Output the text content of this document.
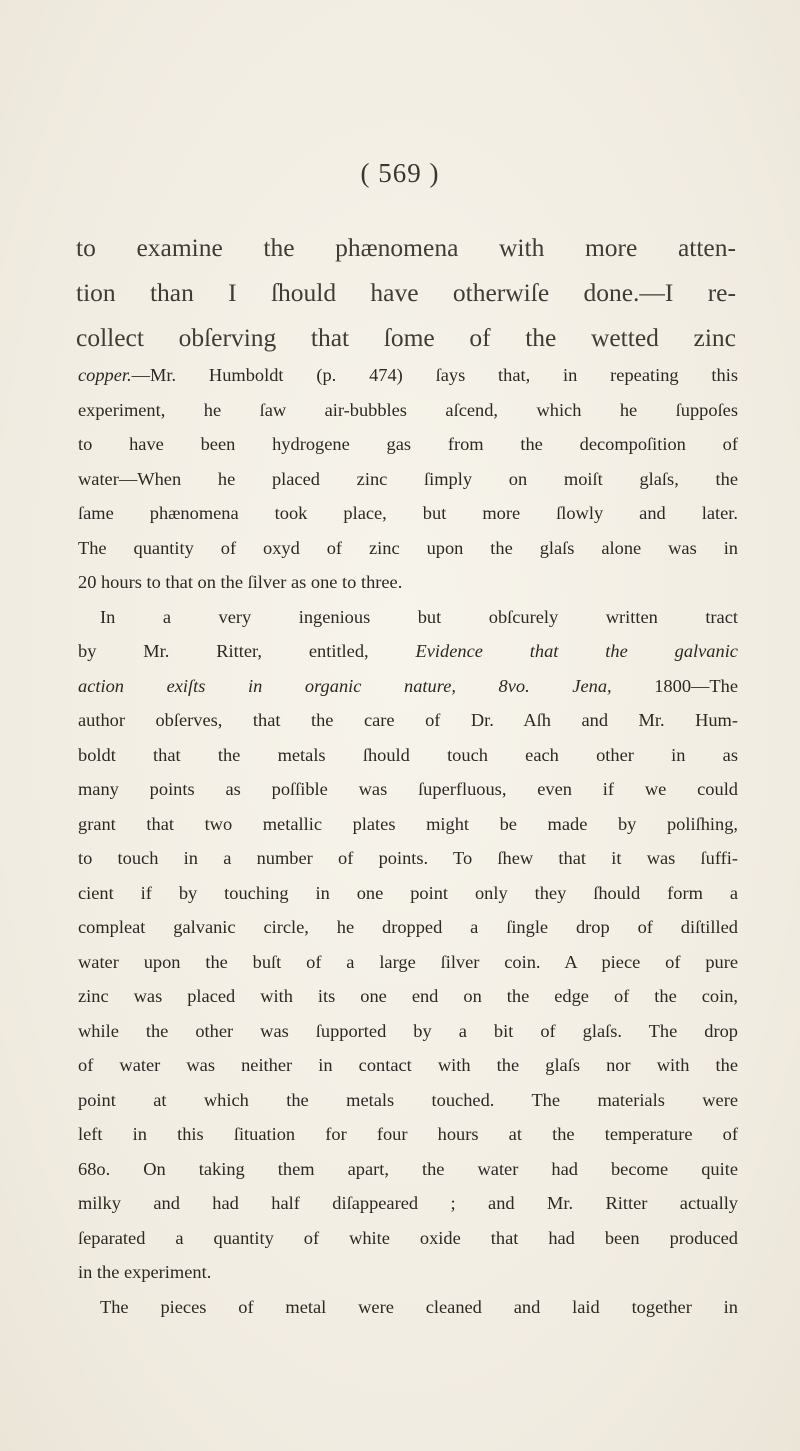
( 569 )
to examine the phænomena with more atten-
tion than I ſhould have otherwiſe done.—I re-
collect obſerving that ſome of the wetted zinc
copper.—Mr. Humboldt (p. 474) ſays that, in repeating this
experiment, he ſaw air-bubbles aſcend, which he ſuppoſes
to have been hydrogene gas from the decompoſition of
water—When he placed zinc ſimply on moiſt glaſs, the
ſame phænomena took place, but more ſlowly and later.
The quantity of oxyd of zinc upon the glaſs alone was in
20 hours to that on the ſilver as one to three.
In a very ingenious but obſcurely written tract
by Mr. Ritter, entitled,	Evidence that the galvanic
action exiſts in organic nature, 8vo. Jena, 1800—The
author obſerves, that the care of Dr. Aſh and Mr. Hum-
boldt that the metals ſhould touch each other in as
many points as poſſible was ſuperfluous, even if we could
grant that two metallic plates might be made by poliſhing,
to touch in a number of points. To ſhew that it was ſuffi-
cient if by touching in one point only they ſhould form a
compleat galvanic circle, he dropped a ſingle drop of diſtilled
water upon the buſt of a large ſilver coin. A piece of pure
zinc was placed with its one end on the edge of the coin,
while the other was ſupported by a bit of glaſs. The drop
of water was neither in contact with the glaſs nor with the
point at which the metals touched. The materials were
left in this ſituation for four hours at the temperature of
68o. On taking them apart, the water had become quite
milky and had half diſappeared ; and Mr. Ritter actually
ſeparated a quantity of white oxide that had been produced
in the experiment.
The pieces of metal were cleaned and laid together in
